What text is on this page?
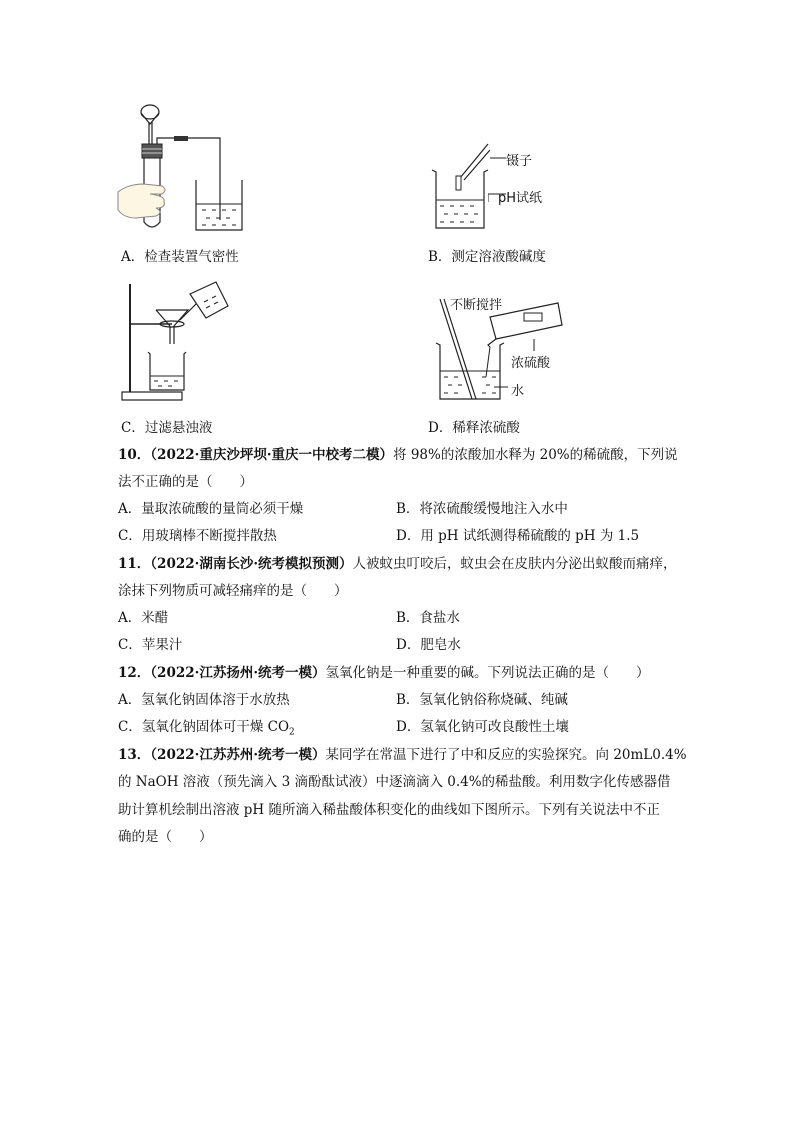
A．检查装置气密性
镊子
pH试纸
B．测定溶液酸碱度
C．过滤悬浊液
不断搅拌
浓硫酸
水
D．稀释浓硫酸
10．（2022·重庆沙坪坝·重庆一中校考二模）将 98%的浓酸加水释为 20%的稀硫酸，下列说
法不正确的是（　　）
A．量取浓硫酸的量筒必须干燥	B．将浓硫酸缓慢地注入水中
C．用玻璃棒不断搅拌散热	D．用 pH 试纸测得稀硫酸的 pH 为 1.5
11．（2022·湖南长沙·统考模拟预测）人被蚊虫叮咬后，蚊虫会在皮肤内分泌出蚁酸而痛痒，
涂抹下列物质可减轻痛痒的是（　　）
A．米醋	B．食盐水
C．苹果汁	D．肥皂水
12．（2022·江苏扬州·统考一模）氢氧化钠是一种重要的碱。下列说法正确的是（　　）
A．氢氧化钠固体溶于水放热	B．氢氧化钠俗称烧碱、纯碱
C．氢氧化钠固体可干燥 $CO_2$	D．氢氧化钠可改良酸性土壤
13．（2022·江苏苏州·统考一模）某同学在常温下进行了中和反应的实验探究。向 20mL0.4%
的 NaOH 溶液（预先滴入 3 滴酚酞试液）中逐滴滴入 0.4%的稀盐酸。利用数字化传感器借
助计算机绘制出溶液 pH 随所滴入稀盐酸体积变化的曲线如下图所示。下列有关说法中不正
确的是（　　）
